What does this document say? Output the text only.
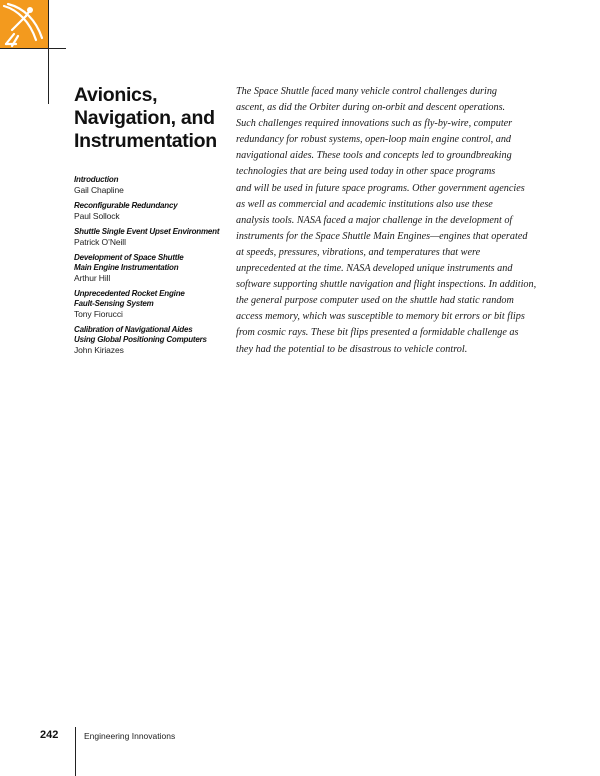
Avionics,
Navigation, and
Instrumentation
Introduction
Gail Chapline
Reconfigurable Redundancy
Paul Sollock
Shuttle Single Event Upset Environment
Patrick O’Neill
Development of Space Shuttle
Main Engine Instrumentation
Arthur Hill
Unprecedented Rocket Engine
Fault-Sensing System
Tony Fiorucci
Calibration of Navigational Aides
Using Global Positioning Computers
John Kiriazes

The Space Shuttle faced many vehicle control challenges during
ascent, as did the Orbiter during on-orbit and descent operations.
Such challenges required innovations such as fly-by-wire, computer
redundancy for robust systems, open-loop main engine control, and
navigational aides. These tools and concepts led to groundbreaking
technologies that are being used today in other space programs
and will be used in future space programs. Other government agencies
as well as commercial and academic institutions also use these
analysis tools. NASA faced a major challenge in the development of
instruments for the Space Shuttle Main Engines—engines that operated
at speeds, pressures, vibrations, and temperatures that were
unprecedented at the time. NASA developed unique instruments and
software supporting shuttle navigation and flight inspections. In addition,
the general purpose computer used on the shuttle had static random
access memory, which was susceptible to memory bit errors or bit flips
from cosmic rays. These bit flips presented a formidable challenge as
they had the potential to be disastrous to vehicle control.

242	Engineering Innovations
